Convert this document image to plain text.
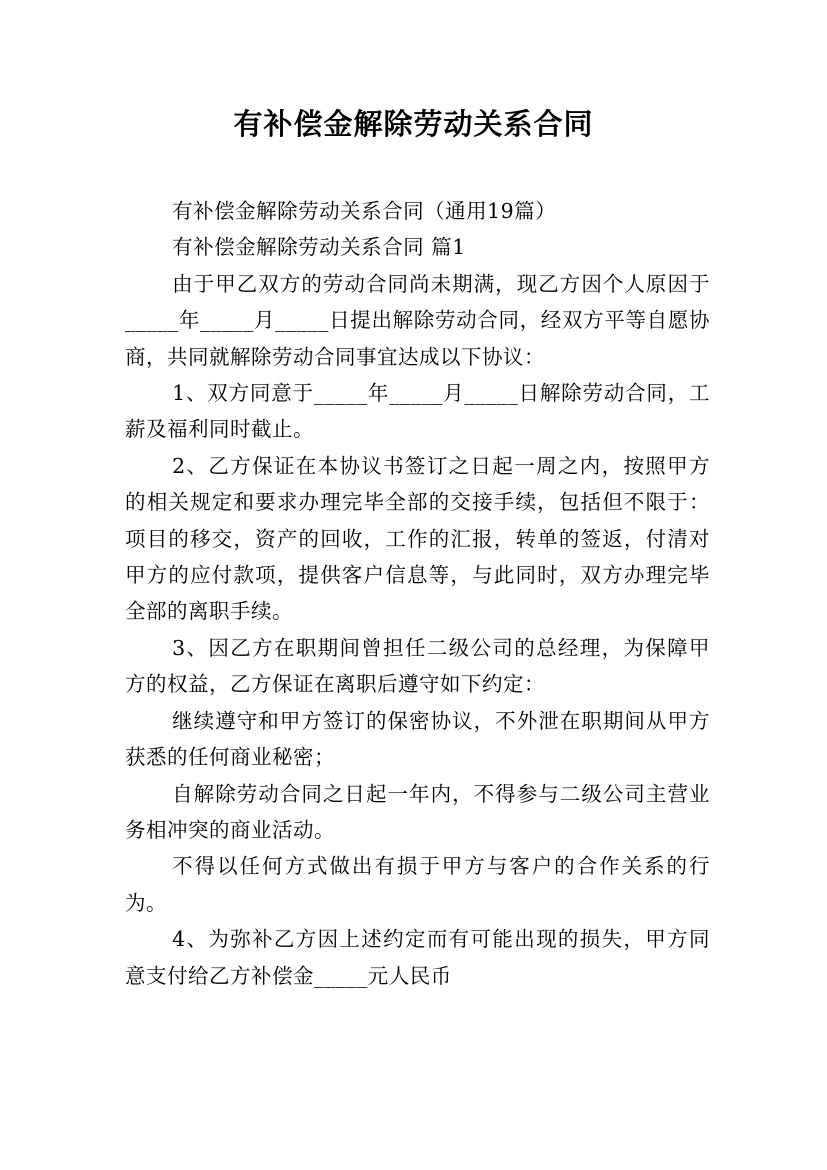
有补偿金解除劳动关系合同

有补偿金解除劳动关系合同（通用19篇）

有补偿金解除劳动关系合同 篇1

由于甲乙双方的劳动合同尚未期满，现乙方因个人原因于_____年_____月_____日提出解除劳动合同，经双方平等自愿协商，共同就解除劳动合同事宜达成以下协议：

1、双方同意于_____年_____月_____日解除劳动合同，工薪及福利同时截止。

2、乙方保证在本协议书签订之日起一周之内，按照甲方的相关规定和要求办理完毕全部的交接手续，包括但不限于：项目的移交，资产的回收，工作的汇报，转单的签返，付清对甲方的应付款项，提供客户信息等，与此同时，双方办理完毕全部的离职手续。

3、因乙方在职期间曾担任二级公司的总经理，为保障甲方的权益，乙方保证在离职后遵守如下约定：

继续遵守和甲方签订的保密协议，不外泄在职期间从甲方获悉的任何商业秘密；

自解除劳动合同之日起一年内，不得参与二级公司主营业务相冲突的商业活动。

不得以任何方式做出有损于甲方与客户的合作关系的行为。

4、为弥补乙方因上述约定而有可能出现的损失，甲方同意支付给乙方补偿金_____元人民币
